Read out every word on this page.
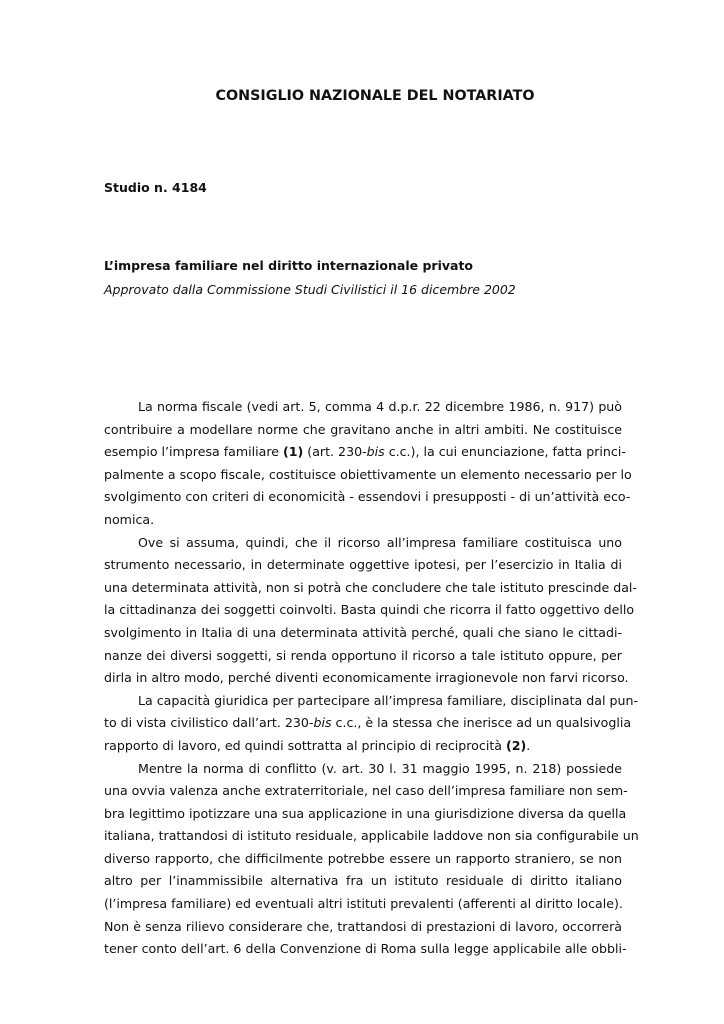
CONSIGLIO NAZIONALE DEL NOTARIATO
Studio n. 4184
L’impresa familiare nel diritto internazionale privato
Approvato dalla Commissione Studi Civilistici il 16 dicembre 2002
La norma fiscale (vedi art. 5, comma 4 d.p.r. 22 dicembre 1986, n. 917) può
contribuire a modellare norme che gravitano anche in altri ambiti. Ne costituisce
esempio l’impresa familiare (1) (art. 230-bis c.c.), la cui enunciazione, fatta princi-
palmente a scopo fiscale, costituisce obiettivamente un elemento necessario per lo
svolgimento con criteri di economicità - essendovi i presupposti - di un’attività eco-
nomica.
Ove si assuma, quindi, che il ricorso all’impresa familiare costituisca uno
strumento necessario, in determinate oggettive ipotesi, per l’esercizio in Italia di
una determinata attività, non si potrà che concludere che tale istituto prescinde dal-
la cittadinanza dei soggetti coinvolti. Basta quindi che ricorra il fatto oggettivo dello
svolgimento in Italia di una determinata attività perché, quali che siano le cittadi-
nanze dei diversi soggetti, si renda opportuno il ricorso a tale istituto oppure, per
dirla in altro modo, perché diventi economicamente irragionevole non farvi ricorso.
La capacità giuridica per partecipare all’impresa familiare, disciplinata dal pun-
to di vista civilistico dall’art. 230-bis c.c., è la stessa che inerisce ad un qualsivoglia
rapporto di lavoro, ed quindi sottratta al principio di reciprocità (2).
Mentre la norma di conflitto (v. art. 30 l. 31 maggio 1995, n. 218) possiede
una ovvia valenza anche extraterritoriale, nel caso dell’impresa familiare non sem-
bra legittimo ipotizzare una sua applicazione in una giurisdizione diversa da quella
italiana, trattandosi di istituto residuale, applicabile laddove non sia configurabile un
diverso rapporto, che difficilmente potrebbe essere un rapporto straniero, se non
altro per l’inammissibile alternativa fra un istituto residuale di diritto italiano
(l’impresa familiare) ed eventuali altri istituti prevalenti (afferenti al diritto locale).
Non è senza rilievo considerare che, trattandosi di prestazioni di lavoro, occorrerà
tener conto dell’art. 6 della Convenzione di Roma sulla legge applicabile alle obbli-
